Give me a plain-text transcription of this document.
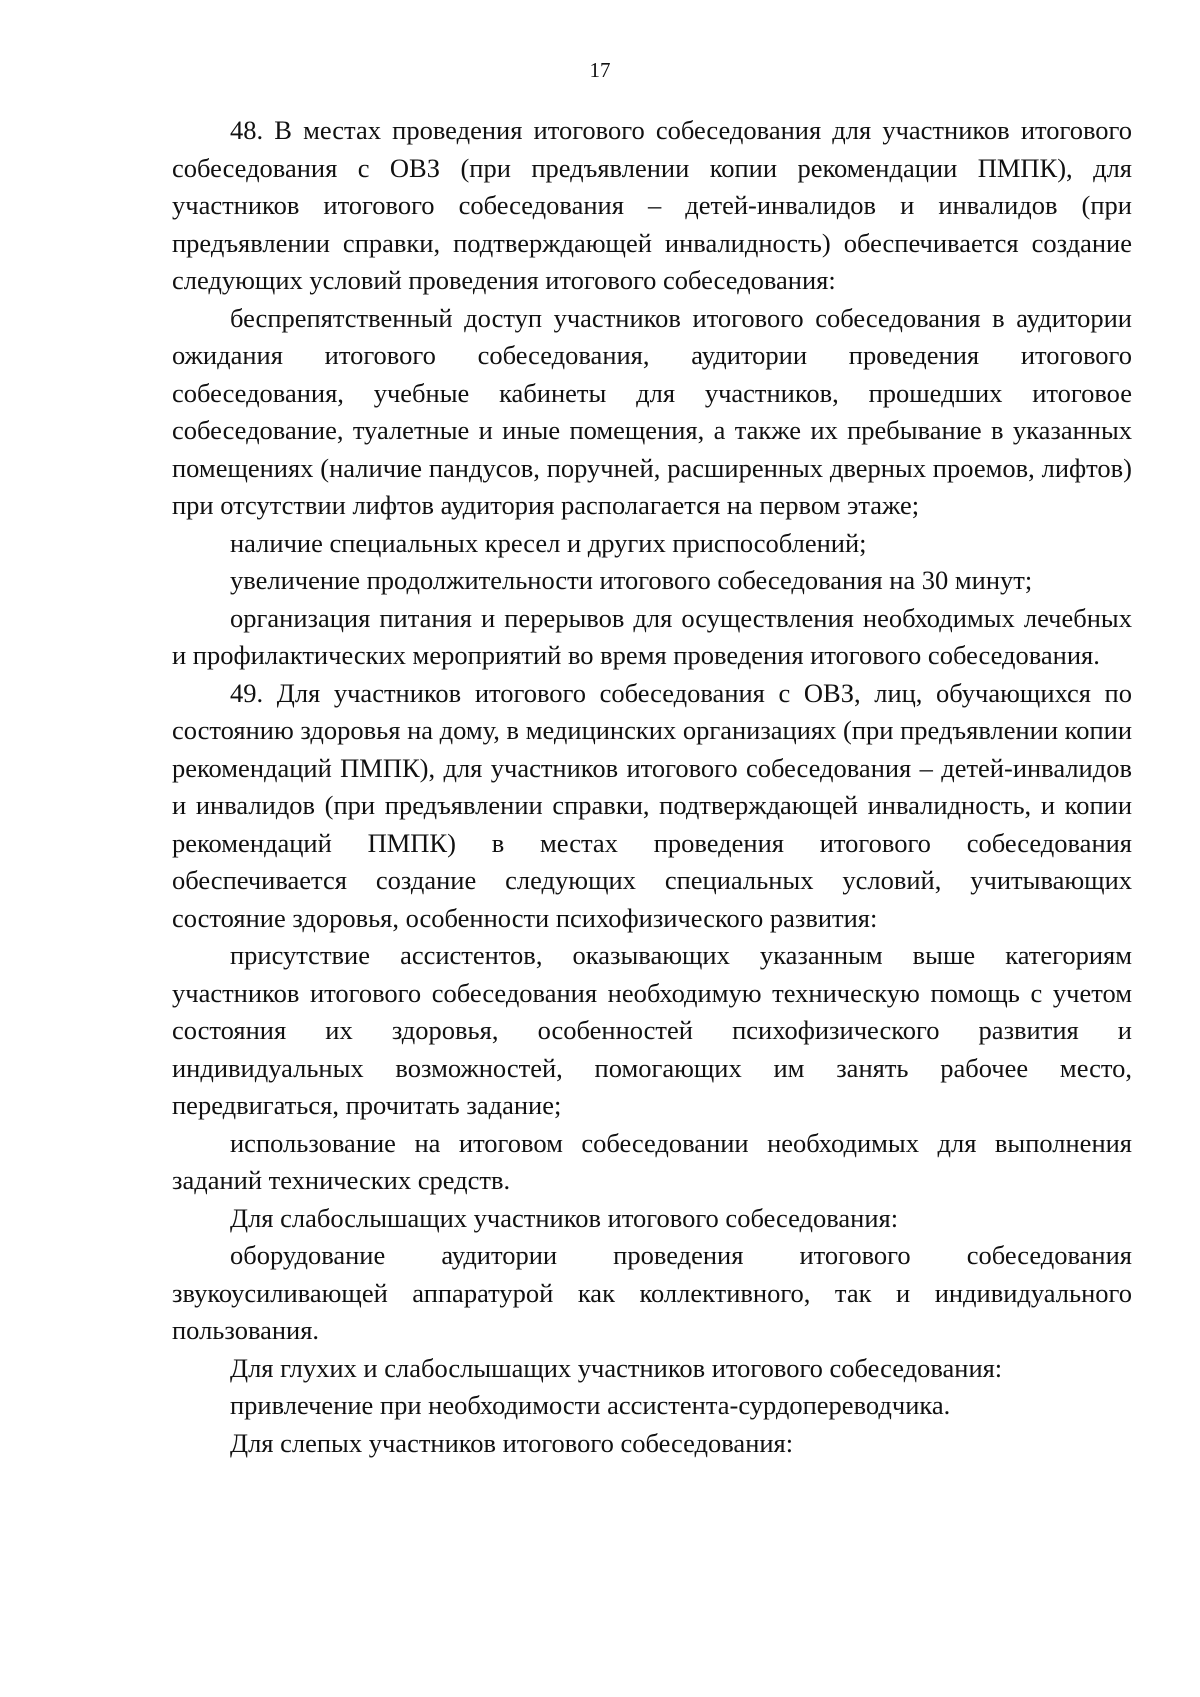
17

48. В местах проведения итогового собеседования для участников итогового собеседования с ОВЗ (при предъявлении копии рекомендации ПМПК), для участников итогового собеседования – детей-инвалидов и инвалидов (при предъявлении справки, подтверждающей инвалидность) обеспечивается создание следующих условий проведения итогового собеседования:

беспрепятственный доступ участников итогового собеседования в аудитории ожидания итогового собеседования, аудитории проведения итогового собеседования, учебные кабинеты для участников, прошедших итоговое собеседование, туалетные и иные помещения, а также их пребывание в указанных помещениях (наличие пандусов, поручней, расширенных дверных проемов, лифтов) при отсутствии лифтов аудитория располагается на первом этаже;

наличие специальных кресел и других приспособлений;

увеличение продолжительности итогового собеседования на 30 минут;

организация питания и перерывов для осуществления необходимых лечебных и профилактических мероприятий во время проведения итогового собеседования.

49. Для участников итогового собеседования с ОВЗ, лиц, обучающихся по состоянию здоровья на дому, в медицинских организациях (при предъявлении копии рекомендаций ПМПК), для участников итогового собеседования – детей-инвалидов и инвалидов (при предъявлении справки, подтверждающей инвалидность, и копии рекомендаций ПМПК) в местах проведения итогового собеседования обеспечивается создание следующих специальных условий, учитывающих состояние здоровья, особенности психофизического развития:

присутствие ассистентов, оказывающих указанным выше категориям участников итогового собеседования необходимую техническую помощь с учетом состояния их здоровья, особенностей психофизического развития и индивидуальных возможностей, помогающих им занять рабочее место, передвигаться, прочитать задание;

использование на итоговом собеседовании необходимых для выполнения заданий технических средств.

Для слабослышащих участников итогового собеседования:

оборудование аудитории проведения итогового собеседования звукоусиливающей аппаратурой как коллективного, так и индивидуального пользования.

Для глухих и слабослышащих участников итогового собеседования:

привлечение при необходимости ассистента-сурдопереводчика.

Для слепых участников итогового собеседования:
